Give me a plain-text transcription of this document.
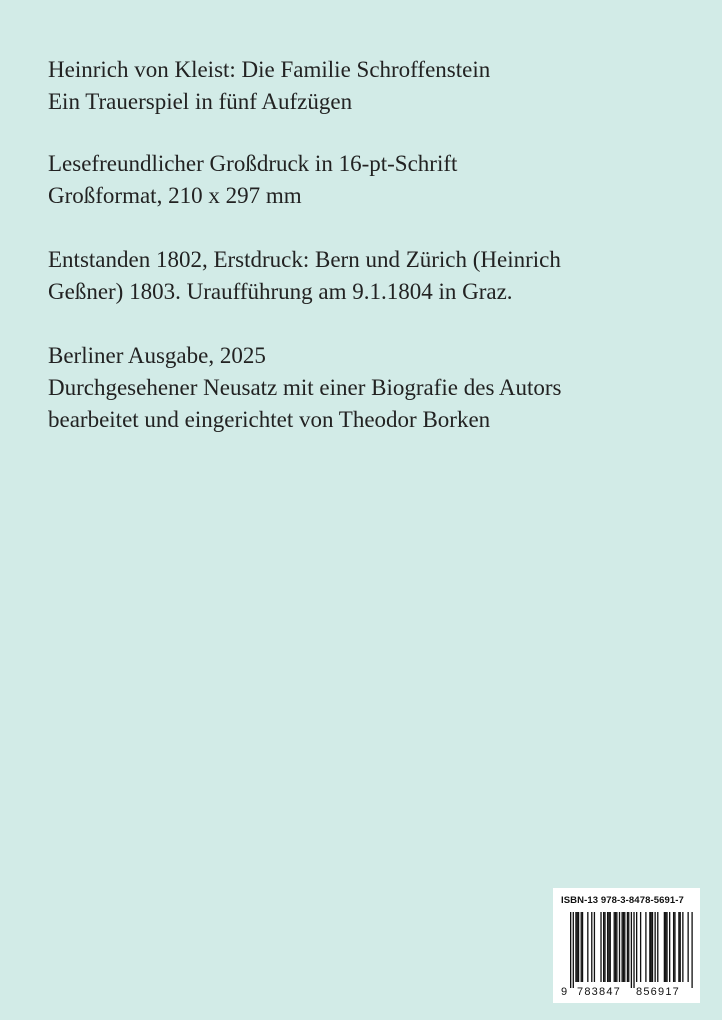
Heinrich von Kleist: Die Familie Schroffenstein
Ein Trauerspiel in fünf Aufzügen
Lesefreundlicher Großdruck in 16-pt-Schrift
Großformat, 210 x 297 mm
Entstanden 1802, Erstdruck: Bern und Zürich (Heinrich
Geßner) 1803. Uraufführung am 9.1.1804 in Graz.
Berliner Ausgabe, 2025
Durchgesehener Neusatz mit einer Biografie des Autors
bearbeitet und eingerichtet von Theodor Borken
ISBN-13 978-3-8478-5691-7
9 783847 856917
